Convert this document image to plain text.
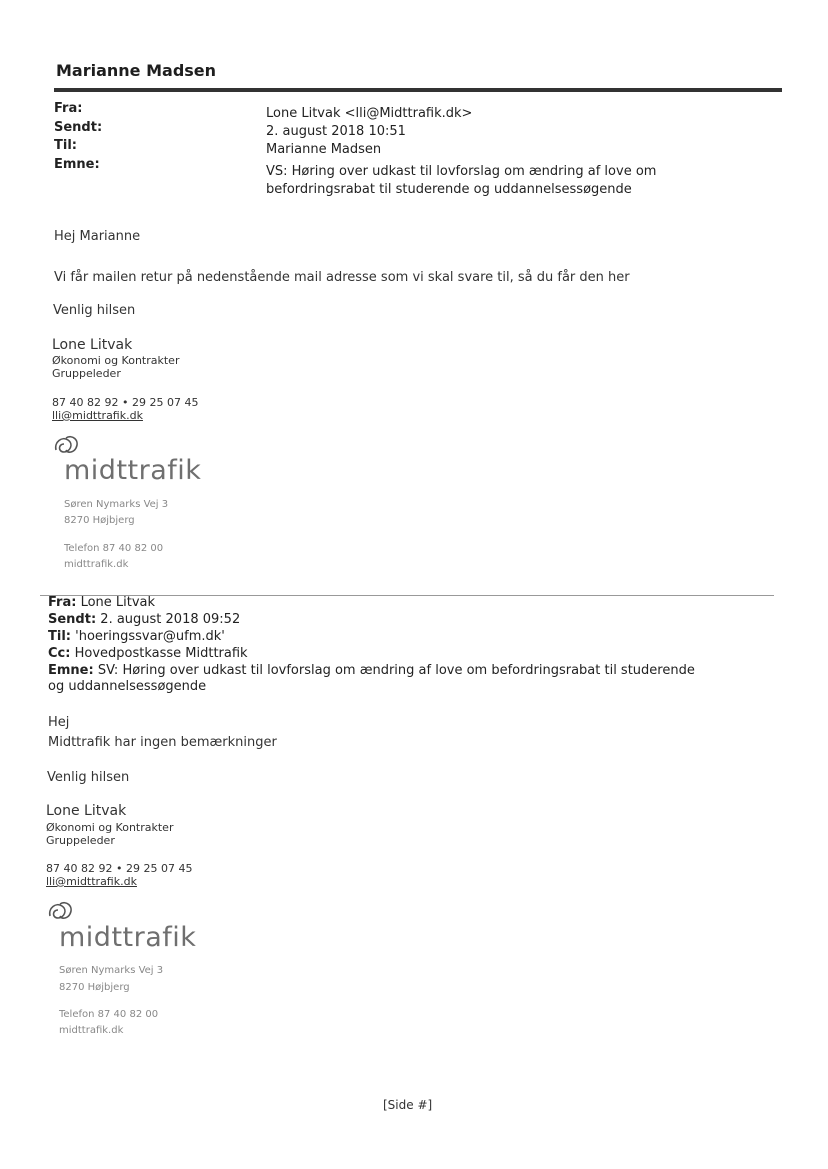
Marianne Madsen
Fra:
Sendt:
Til:
Emne:
Lone Litvak <lli@Midttrafik.dk>
2. august 2018 10:51
Marianne Madsen
VS: Høring over udkast til lovforslag om ændring af love om befordringsrabat til studerende og uddannelsessøgende
Hej Marianne
Vi får mailen retur på nedenstående mail adresse som vi skal svare til, så du får den her
Venlig hilsen
Lone Litvak
Økonomi og Kontrakter
Gruppeleder
87 40 82 92 • 29 25 07 45
lli@midttrafik.dk
midttrafik
Søren Nymarks Vej 3
8270 Højbjerg
Telefon 87 40 82 00
midttrafik.dk
Fra: Lone Litvak
Sendt: 2. august 2018 09:52
Til: 'hoeringssvar@ufm.dk'
Cc: Hovedpostkasse Midttrafik
Emne: SV: Høring over udkast til lovforslag om ændring af love om befordringsrabat til studerende og uddannelsessøgende
Hej
Midttrafik har ingen bemærkninger
Venlig hilsen
Lone Litvak
Økonomi og Kontrakter
Gruppeleder
87 40 82 92 • 29 25 07 45
lli@midttrafik.dk
midttrafik
Søren Nymarks Vej 3
8270 Højbjerg
Telefon 87 40 82 00
midttrafik.dk
[Side #]
